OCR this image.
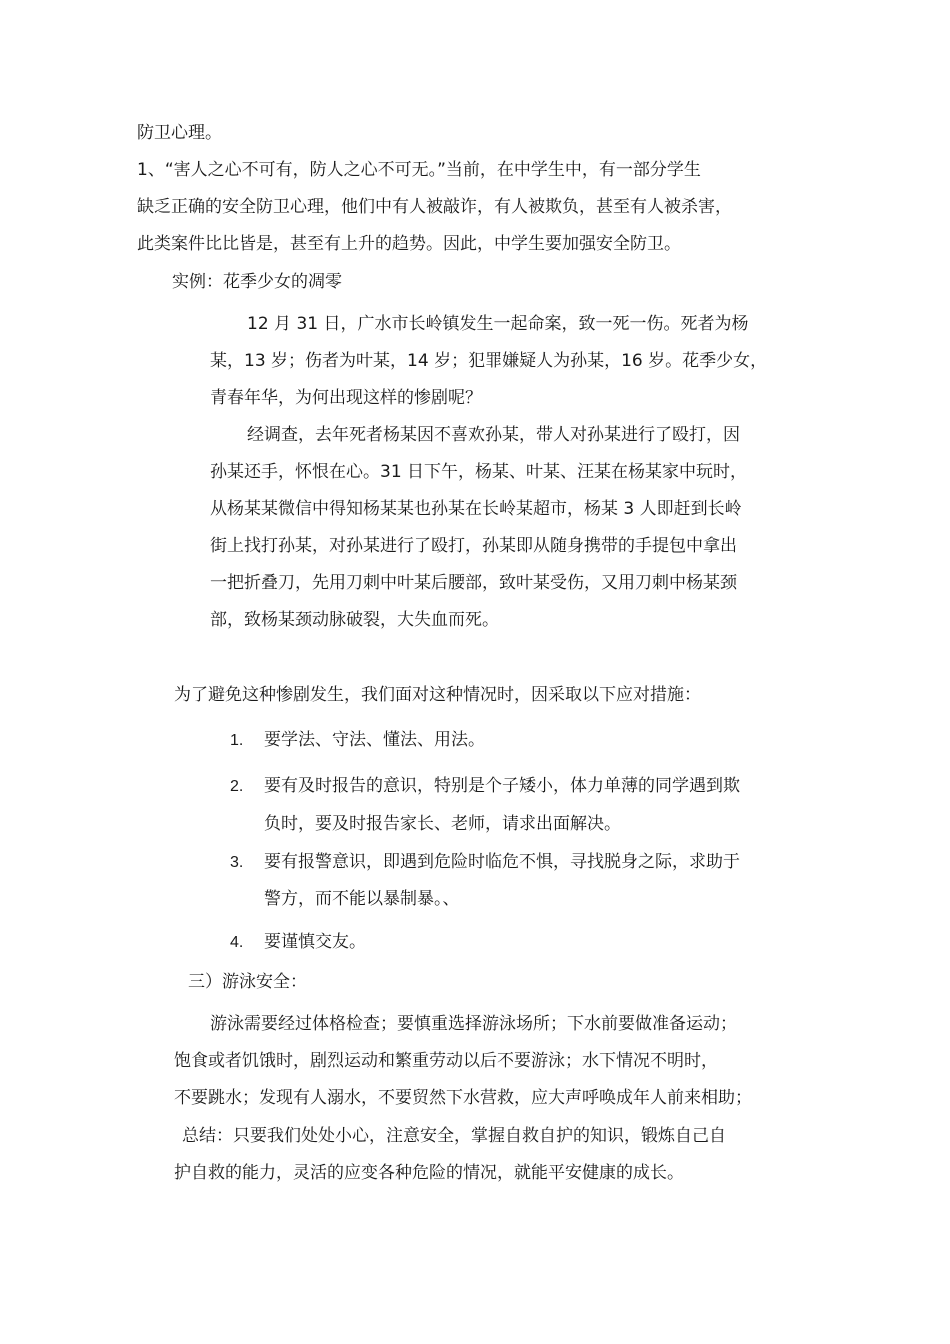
防卫心理。
1、“害人之心不可有，防人之心不可无。”当前，在中学生中，有一部分学生
缺乏正确的安全防卫心理，他们中有人被敲诈，有人被欺负，甚至有人被杀害，
此类案件比比皆是，甚至有上升的趋势。因此，中学生要加强安全防卫。
实例：花季少女的凋零
12 月 31 日，广水市长岭镇发生一起命案，致一死一伤。死者为杨
某，13 岁；伤者为叶某，14 岁；犯罪嫌疑人为孙某，16 岁。花季少女，
青春年华，为何出现这样的惨剧呢？
经调查，去年死者杨某因不喜欢孙某，带人对孙某进行了殴打，因
孙某还手，怀恨在心。31 日下午，杨某、叶某、汪某在杨某家中玩时，
从杨某某微信中得知杨某某也孙某在长岭某超市，杨某 3 人即赶到长岭
街上找打孙某，对孙某进行了殴打，孙某即从随身携带的手提包中拿出
一把折叠刀，先用刀刺中叶某后腰部，致叶某受伤，又用刀刺中杨某颈
部，致杨某颈动脉破裂，大失血而死。
为了避免这种惨剧发生，我们面对这种情况时，因采取以下应对措施：
1. 要学法、守法、懂法、用法。
2. 要有及时报告的意识，特别是个子矮小，体力单薄的同学遇到欺
负时，要及时报告家长、老师，请求出面解决。
3. 要有报警意识，即遇到危险时临危不惧，寻找脱身之际，求助于
警方，而不能以暴制暴。、
4. 要谨慎交友。
三）游泳安全：
游泳需要经过体格检查；要慎重选择游泳场所；下水前要做准备运动；
饱食或者饥饿时，剧烈运动和繁重劳动以后不要游泳；水下情况不明时，
不要跳水；发现有人溺水，不要贸然下水营救，应大声呼唤成年人前来相助；
总结：只要我们处处小心，注意安全，掌握自救自护的知识，锻炼自己自
护自救的能力，灵活的应变各种危险的情况，就能平安健康的成长。
